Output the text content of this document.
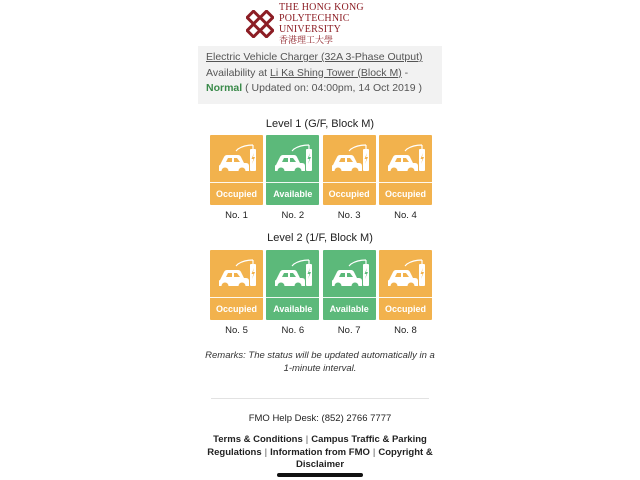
THE HONG KONG
POLYTECHNIC UNIVERSITY
香港理工大學
Electric Vehicle Charger (32A 3-Phase Output) Availability at Li Ka Shing Tower (Block M) - Normal ( Updated on: 04:00pm, 14 Oct 2019 )
Level 1 (G/F, Block M)
Occupied
No. 1
Available
No. 2
Occupied
No. 3
Occupied
No. 4
Level 2 (1/F, Block M)
Occupied
No. 5
Available
No. 6
Available
No. 7
Occupied
No. 8
Remarks: The status will be updated automatically in a 1-minute interval.
FMO Help Desk: (852) 2766 7777
Terms & Conditions | Campus Traffic & Parking Regulations | Information from FMO | Copyright & Disclaimer
